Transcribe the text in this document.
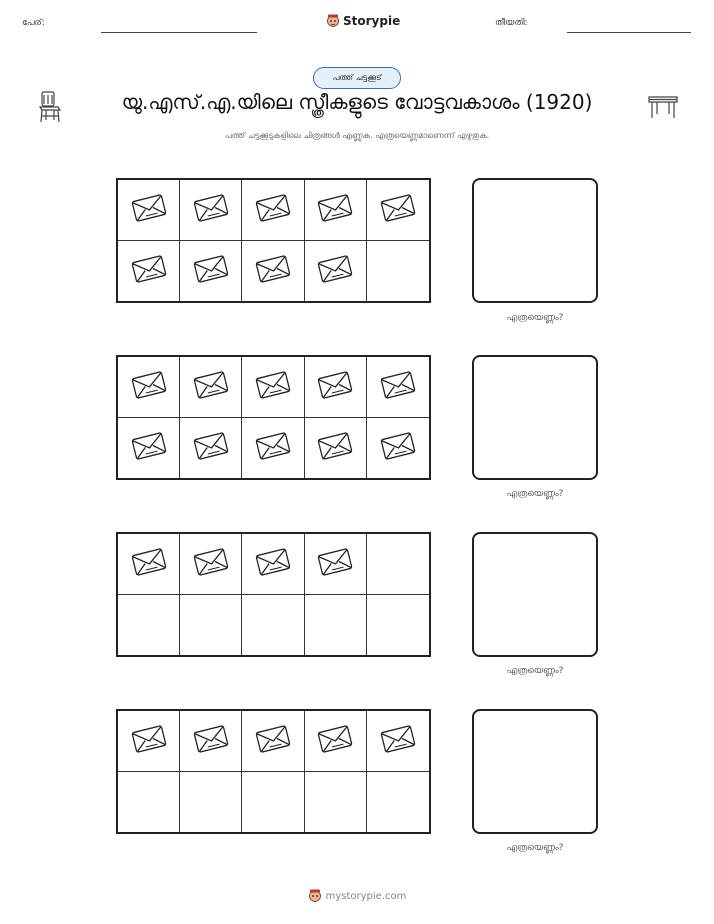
പേര്:	Storypie	തീയതി:
പത്ത് ചട്ടക്കൂട്
യു.എസ്.എ.യിലെ സ്ത്രീകളുടെ വോട്ടവകാശം (1920)
പത്ത് ചട്ടക്കൂടുകളിലെ ചിത്രങ്ങൾ എണ്ണുക. എത്രയെണ്ണമാണെന്ന് എഴുതുക.
എത്രയെണ്ണം?
എത്രയെണ്ണം?
എത്രയെണ്ണം?
എത്രയെണ്ണം?
mystorypie.com
